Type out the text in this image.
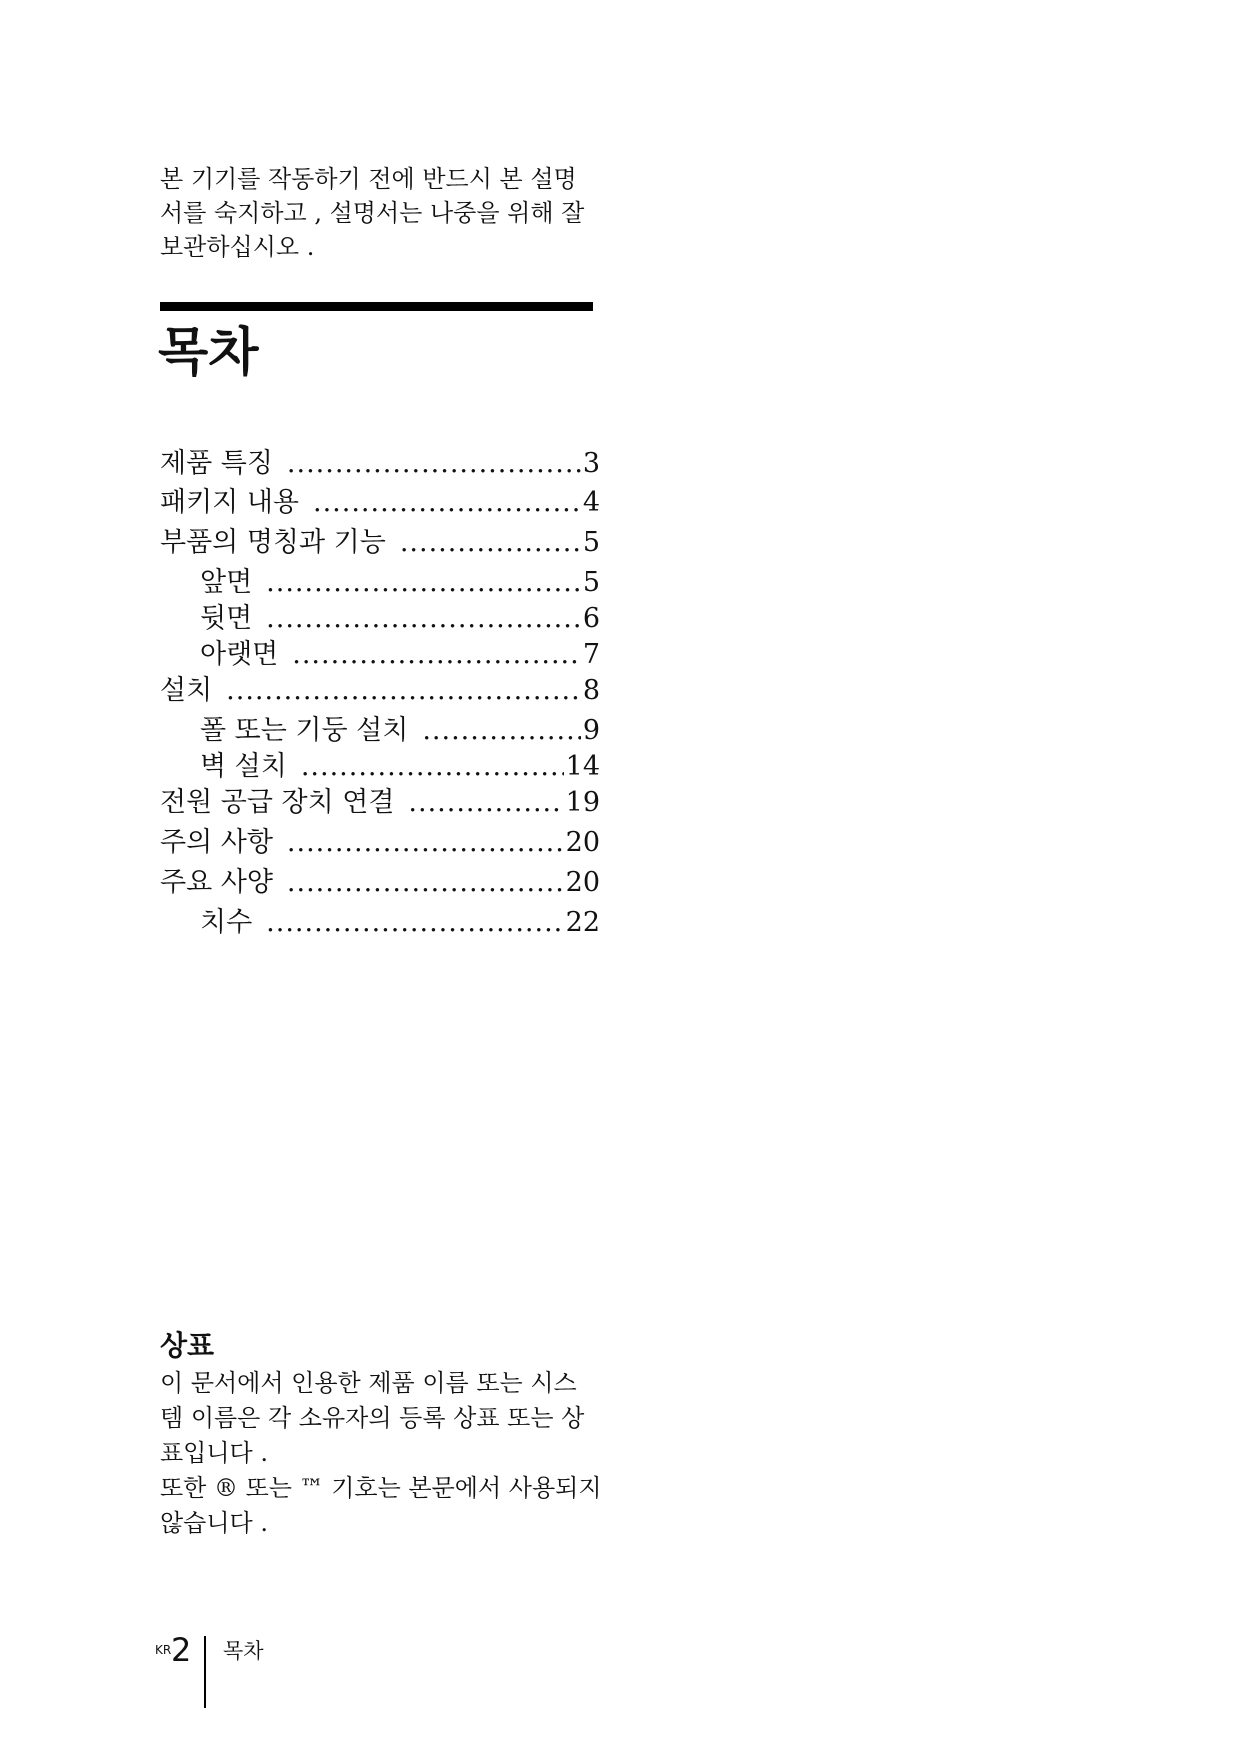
본 기기를 작동하기 전에 반드시 본 설명
서를 숙지하고 , 설명서는 나중을 위해 잘
보관하십시오 .
목차
제품 특징 .....	3
패키지 내용 .....	4
부품의 명칭과 기능 .....	5
앞면 .....	5
뒷면 .....	6
아랫면 .....	7
설치 .....	8
폴 또는 기둥 설치 .....	9
벽 설치 .....	14
전원 공급 장치 연결 .....	19
주의 사항 .....	20
주요 사양 .....	20
치수 .....	22
상표
이 문서에서 인용한 제품 이름 또는 시스
템 이름은 각 소유자의 등록 상표 또는 상
표입니다 .
또한 ® 또는 ™ 기호는 본문에서 사용되지
않습니다 .
KR 2 목차
